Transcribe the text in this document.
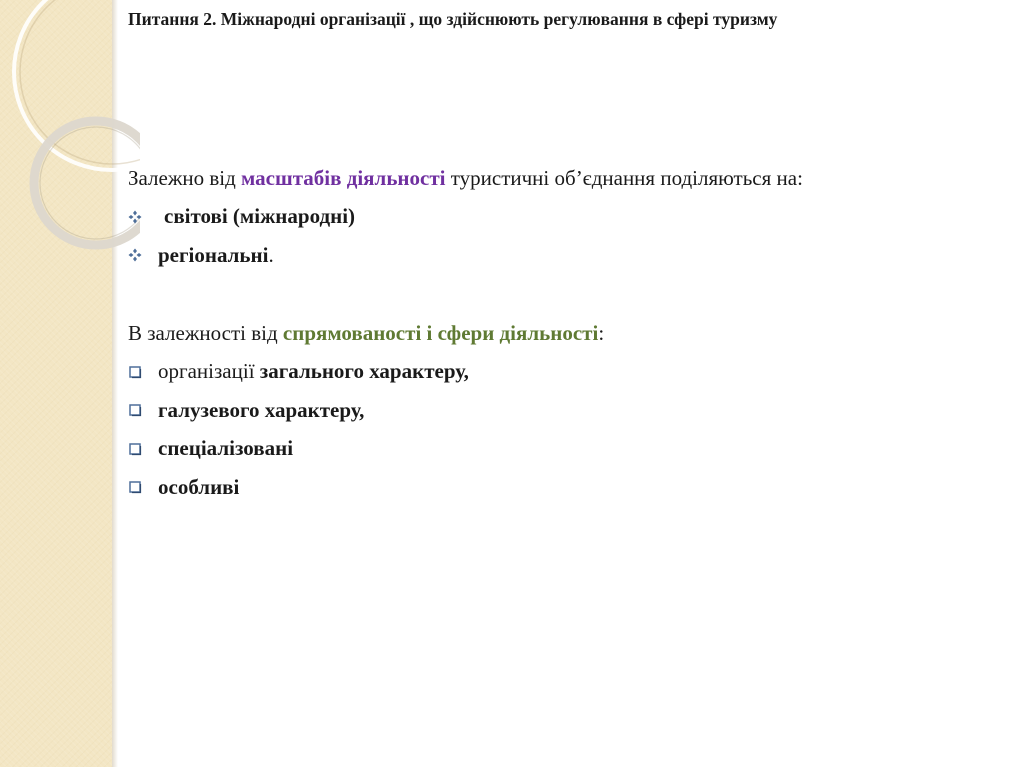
Питання 2. Міжнародні організації , що здійснюють регулювання в сфері туризму

Залежно від масштабів діяльності туристичні об’єднання поділяються на:

світові (міжнародні)
регіональні.

В залежності від спрямованості і сфери діяльності:

організації загального характеру,
галузевого характеру,
спеціалізовані
особливі
